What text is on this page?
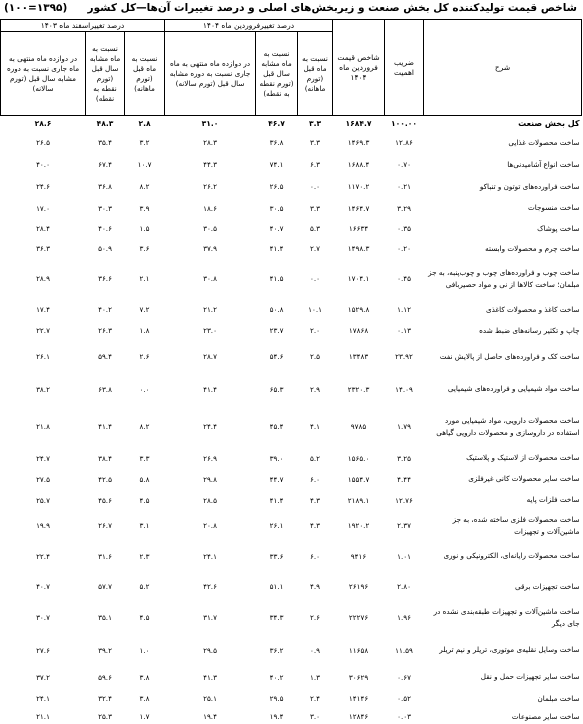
شاخص قیمت تولیدکننده کل بخش صنعت و زیربخش‌های اصلی و درصد تغییرات آن‌ها—کل کشور
(۱۰۰=۱۳۹۵)
شرح	ضریب اهمیت	شاخص قیمت فروردین ماه ۱۴۰۴	درصد تغییرفروردین ماه ۱۴۰۴			درصد تغییراسفند ماه ۱۴۰۳		
			نسبت به ماه قبل (تورم ماهانه)	نسبت به ماه مشابه سال قبل (تورم نقطه به نقطه)	در دوازده ماه منتهی به ماه جاری نسبت به دوره مشابه سال قبل (تورم سالانه)	نسبت به ماه قبل (تورم ماهانه)	نسبت به ماه مشابه سال قبل (تورم نقطه به نقطه)	در دوازده ماه منتهی به ماه جاری نسبت به دوره مشابه سال قبل (تورم سالانه)
کل بخش صنعت	۱۰۰.۰۰	۱۶۸۴.۷	۳.۳	۴۶.۷	۳۱.۰	۲.۸	۴۸.۳	۲۸.۶
ساخت محصولات غذایی	۱۲.۸۶	۱۴۶۹.۳	۳.۳	۳۶.۸	۲۸.۳	۳.۲	۳۵.۴	۲۶.۵
ساخت انواع آشامیدنی‌ها	۰.۷۰	۱۶۸۸.۴	۶.۳	۷۴.۱	۴۴.۳	۱۰.۷	۶۷.۴	۴۰.۰
ساخت فراورده‌های توتون و تنباکو	۰.۲۱	۱۱۷۰.۲	۰.۰	۲۶.۵	۲۶.۲	۸.۲	۳۶.۸	۲۴.۶
ساخت منسوجات	۳.۲۹	۱۴۶۴.۷	۳.۳	۳۰.۵	۱۸.۶	۳.۹	۳۰.۳	۱۷.۰
ساخت پوشاک	۰.۳۵	۱۶۶۳۴	۵.۳	۴۰.۷	۳۰.۵	۱.۵	۴۰.۶	۲۸.۴
ساخت چرم و محصولات وابسته	۰.۲۰	۱۴۹۸.۳	۲.۷	۴۱.۴	۳۷.۹	۳.۶	۵۰.۹	۳۶.۳
ساخت چوب و فراورده‌های چوب و چوب‌پنبه، به جز مبلمان؛ ساخت کالاها از نی و مواد حصیربافی	۰.۴۵	۱۷۰۴.۱	۰.۰	۴۱.۵	۳۰.۸	۲.۱	۳۶.۶	۲۸.۹
ساخت کاغذ و محصولات کاغذی	۱.۱۲	۱۵۲۹.۸	۱۰.۱	۵۰.۸	۲۱.۲	۷.۲	۴۰.۲	۱۷.۴
چاپ و تکثیر رسانه‌های ضبط شده	۰.۱۳	۱۷۸۶۸	۲.۰	۲۳.۷	۲۳.۰	۱.۸	۲۶.۳	۲۲.۷
ساخت کک و فراورده‌های حاصل از پالایش نفت	۲۳.۹۲	۱۳۴۸۳	۲.۵	۵۴.۶	۲۸.۷	۲.۶	۵۹.۴	۲۶.۱
ساخت مواد شیمیایی و فراورده‌های شیمیایی	۱۴.۰۹	۲۳۲۰.۳	۲.۹	۶۵.۳	۴۱.۴	۰.۰	۶۳.۸	۳۸.۲
ساخت محصولات دارویی، مواد شیمیایی مورد استفاده در داروسازی و محصولات دارویی گیاهی	۱.۷۹	۹۷۸۵	۴.۱	۴۵.۴	۲۴.۴	۸.۲	۴۱.۴	۲۱.۸
ساخت محصولات از لاستیک و پلاستیک	۳.۲۵	۱۵۶۵.۰	۵.۲	۳۹.۰	۲۶.۹	۳.۳	۳۸.۴	۲۴.۷
ساخت سایر محصولات کانی غیرفلزی	۴.۴۴	۱۵۵۴.۷	۶.۰	۴۴.۷	۲۹.۸	۵.۸	۴۲.۵	۲۷.۵
ساخت فلزات پایه	۱۲.۷۶	۲۱۸۹.۱	۴.۳	۴۱.۴	۲۸.۵	۴.۵	۴۵.۶	۲۵.۷
ساخت محصولات فلزی ساخته شده، به جز ماشین‌آلات و تجهیزات	۲.۳۷	۱۹۲۰.۲	۴.۳	۲۶.۱	۲۰.۸	۳.۱	۲۶.۷	۱۹.۹
ساخت محصولات رایانه‌ای، الکترونیکی و نوری	۱.۰۱	۹۴۱۶	۶.۰	۳۳.۶	۲۴.۱	۲.۳	۳۱.۶	۲۲.۴
ساخت تجهیزات برقی	۲.۸۰	۲۶۱۹۶	۴.۹	۵۱.۱	۴۲.۶	۵.۲	۵۷.۷	۴۰.۷
ساخت ماشین‌آلات و تجهیزات طبقه‌بندی نشده در جای دیگر	۱.۹۶	۲۲۲۷۶	۲.۶	۳۴.۳	۳۱.۷	۴.۵	۳۵.۱	۳۰.۷
ساخت وسایل نقلیه‌ی موتوری، تریلر و نیم تریلر	۱۱.۵۹	۱۱۶۵۸	۰.۹	۳۶.۲	۲۹.۵	۱.۰	۳۹.۲	۲۷.۶
ساخت سایر تجهیزات حمل و نقل	۰.۶۷	۳۰۶۲۹	۱.۳	۴۰.۲	۴۱.۳	۳.۸	۵۹.۶	۳۷.۲
ساخت مبلمان	۰.۵۲	۱۴۱۴۶	۲.۴	۲۹.۵	۲۵.۱	۳.۸	۳۲.۴	۲۴.۱
ساخت سایر مصنوعات	۰.۰۳	۱۲۸۴۶	۳.۰	۱۹.۴	۱۹.۴	۱.۷	۲۵.۳	۲۱.۱
